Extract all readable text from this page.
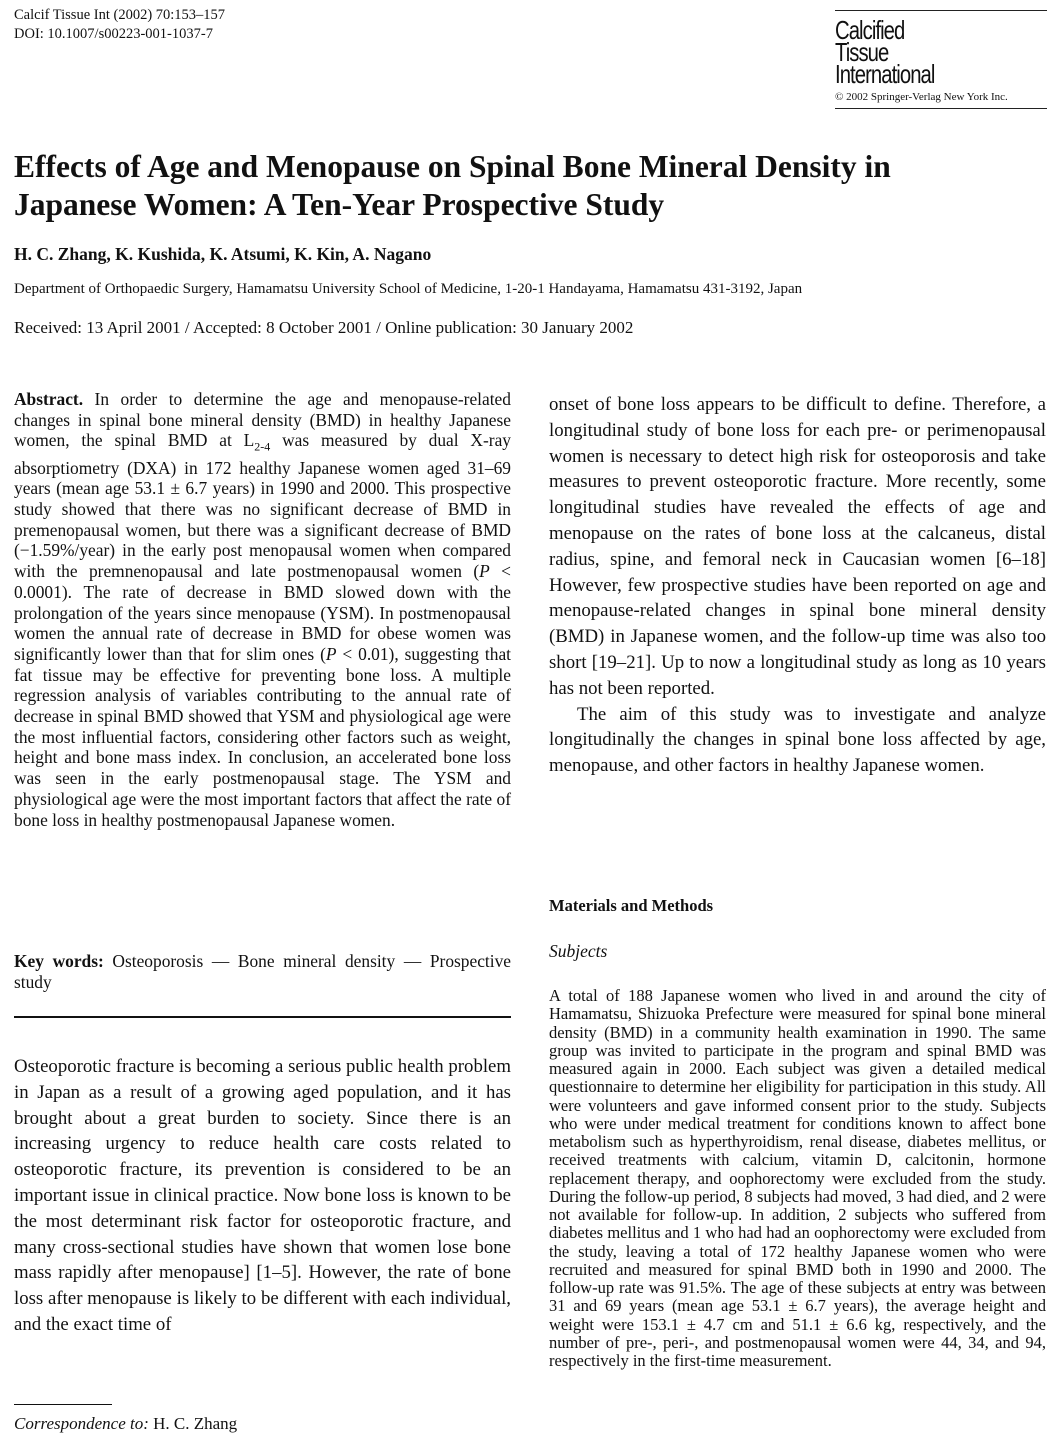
Calcif Tissue Int (2002) 70:153–157
DOI: 10.1007/s00223-001-1037-7	Calcified
Tissue
International
© 2002 Springer-Verlag New York Inc.
Effects of Age and Menopause on Spinal Bone Mineral Density in Japanese Women: A Ten-Year Prospective Study
H. C. Zhang, K. Kushida, K. Atsumi, K. Kin, A. Nagano
Department of Orthopaedic Surgery, Hamamatsu University School of Medicine, 1-20-1 Handayama, Hamamatsu 431-3192, Japan
Received: 13 April 2001 / Accepted: 8 October 2001 / Online publication: 30 January 2002
Abstract. In order to determine the age and menopause-related changes in spinal bone mineral density (BMD) in healthy Japanese women, the spinal BMD at $L_{2-4}$ was measured by dual X-ray absorptiometry (DXA) in 172 healthy Japanese women aged 31–69 years (mean age 53.1 ± 6.7 years) in 1990 and 2000. This prospective study showed that there was no significant decrease of BMD in premenopausal women, but there was a significant decrease of BMD (−1.59%/year) in the early post menopausal women when compared with the premnenopausal and late postmenopausal women (P < 0.0001). The rate of decrease in BMD slowed down with the prolongation of the years since menopause (YSM). In postmenopausal women the annual rate of decrease in BMD for obese women was significantly lower than that for slim ones (P < 0.01), suggesting that fat tissue may be effective for preventing bone loss. A multiple regression analysis of variables contributing to the annual rate of decrease in spinal BMD showed that YSM and physiological age were the most influential factors, considering other factors such as weight, height and bone mass index. In conclusion, an accelerated bone loss was seen in the early postmenopausal stage. The YSM and physiological age were the most important factors that affect the rate of bone loss in healthy postmenopausal Japanese women.
Key words: Osteoporosis — Bone mineral density — Prospective study
Osteoporotic fracture is becoming a serious public health problem in Japan as a result of a growing aged population, and it has brought about a great burden to society. Since there is an increasing urgency to reduce health care costs related to osteoporotic fracture, its prevention is considered to be an important issue in clinical practice. Now bone loss is known to be the most determinant risk factor for osteoporotic fracture, and many cross-sectional studies have shown that women lose bone mass rapidly after menopause] [1–5]. However, the rate of bone loss after menopause is likely to be different with each individual, and the exact time of
Correspondence to: H. C. Zhang

onset of bone loss appears to be difficult to define. Therefore, a longitudinal study of bone loss for each pre- or perimenopausal women is necessary to detect high risk for osteoporosis and take measures to prevent osteoporotic fracture. More recently, some longitudinal studies have revealed the effects of age and menopause on the rates of bone loss at the calcaneus, distal radius, spine, and femoral neck in Caucasian women [6–18] However, few prospective studies have been reported on age and menopause-related changes in spinal bone mineral density (BMD) in Japanese women, and the follow-up time was also too short [19–21]. Up to now a longitudinal study as long as 10 years has not been reported.

The aim of this study was to investigate and analyze longitudinally the changes in spinal bone loss affected by age, menopause, and other factors in healthy Japanese women.

Materials and Methods
Subjects
A total of 188 Japanese women who lived in and around the city of Hamamatsu, Shizuoka Prefecture were measured for spinal bone mineral density (BMD) in a community health examination in 1990. The same group was invited to participate in the program and spinal BMD was measured again in 2000. Each subject was given a detailed medical questionnaire to determine her eligibility for participation in this study. All were volunteers and gave informed consent prior to the study. Subjects who were under medical treatment for conditions known to affect bone metabolism such as hyperthyroidism, renal disease, diabetes mellitus, or received treatments with calcium, vitamin D, calcitonin, hormone replacement therapy, and oophorectomy were excluded from the study. During the follow-up period, 8 subjects had moved, 3 had died, and 2 were not available for follow-up. In addition, 2 subjects who suffered from diabetes mellitus and 1 who had had an oophorectomy were excluded from the study, leaving a total of 172 healthy Japanese women who were recruited and measured for spinal BMD both in 1990 and 2000. The follow-up rate was 91.5%. The age of these subjects at entry was between 31 and 69 years (mean age 53.1 ± 6.7 years), the average height and weight were 153.1 ± 4.7 cm and 51.1 ± 6.6 kg, respectively, and the number of pre-, peri-, and postmenopausal women were 44, 34, and 94, respectively in the first-time measurement.
